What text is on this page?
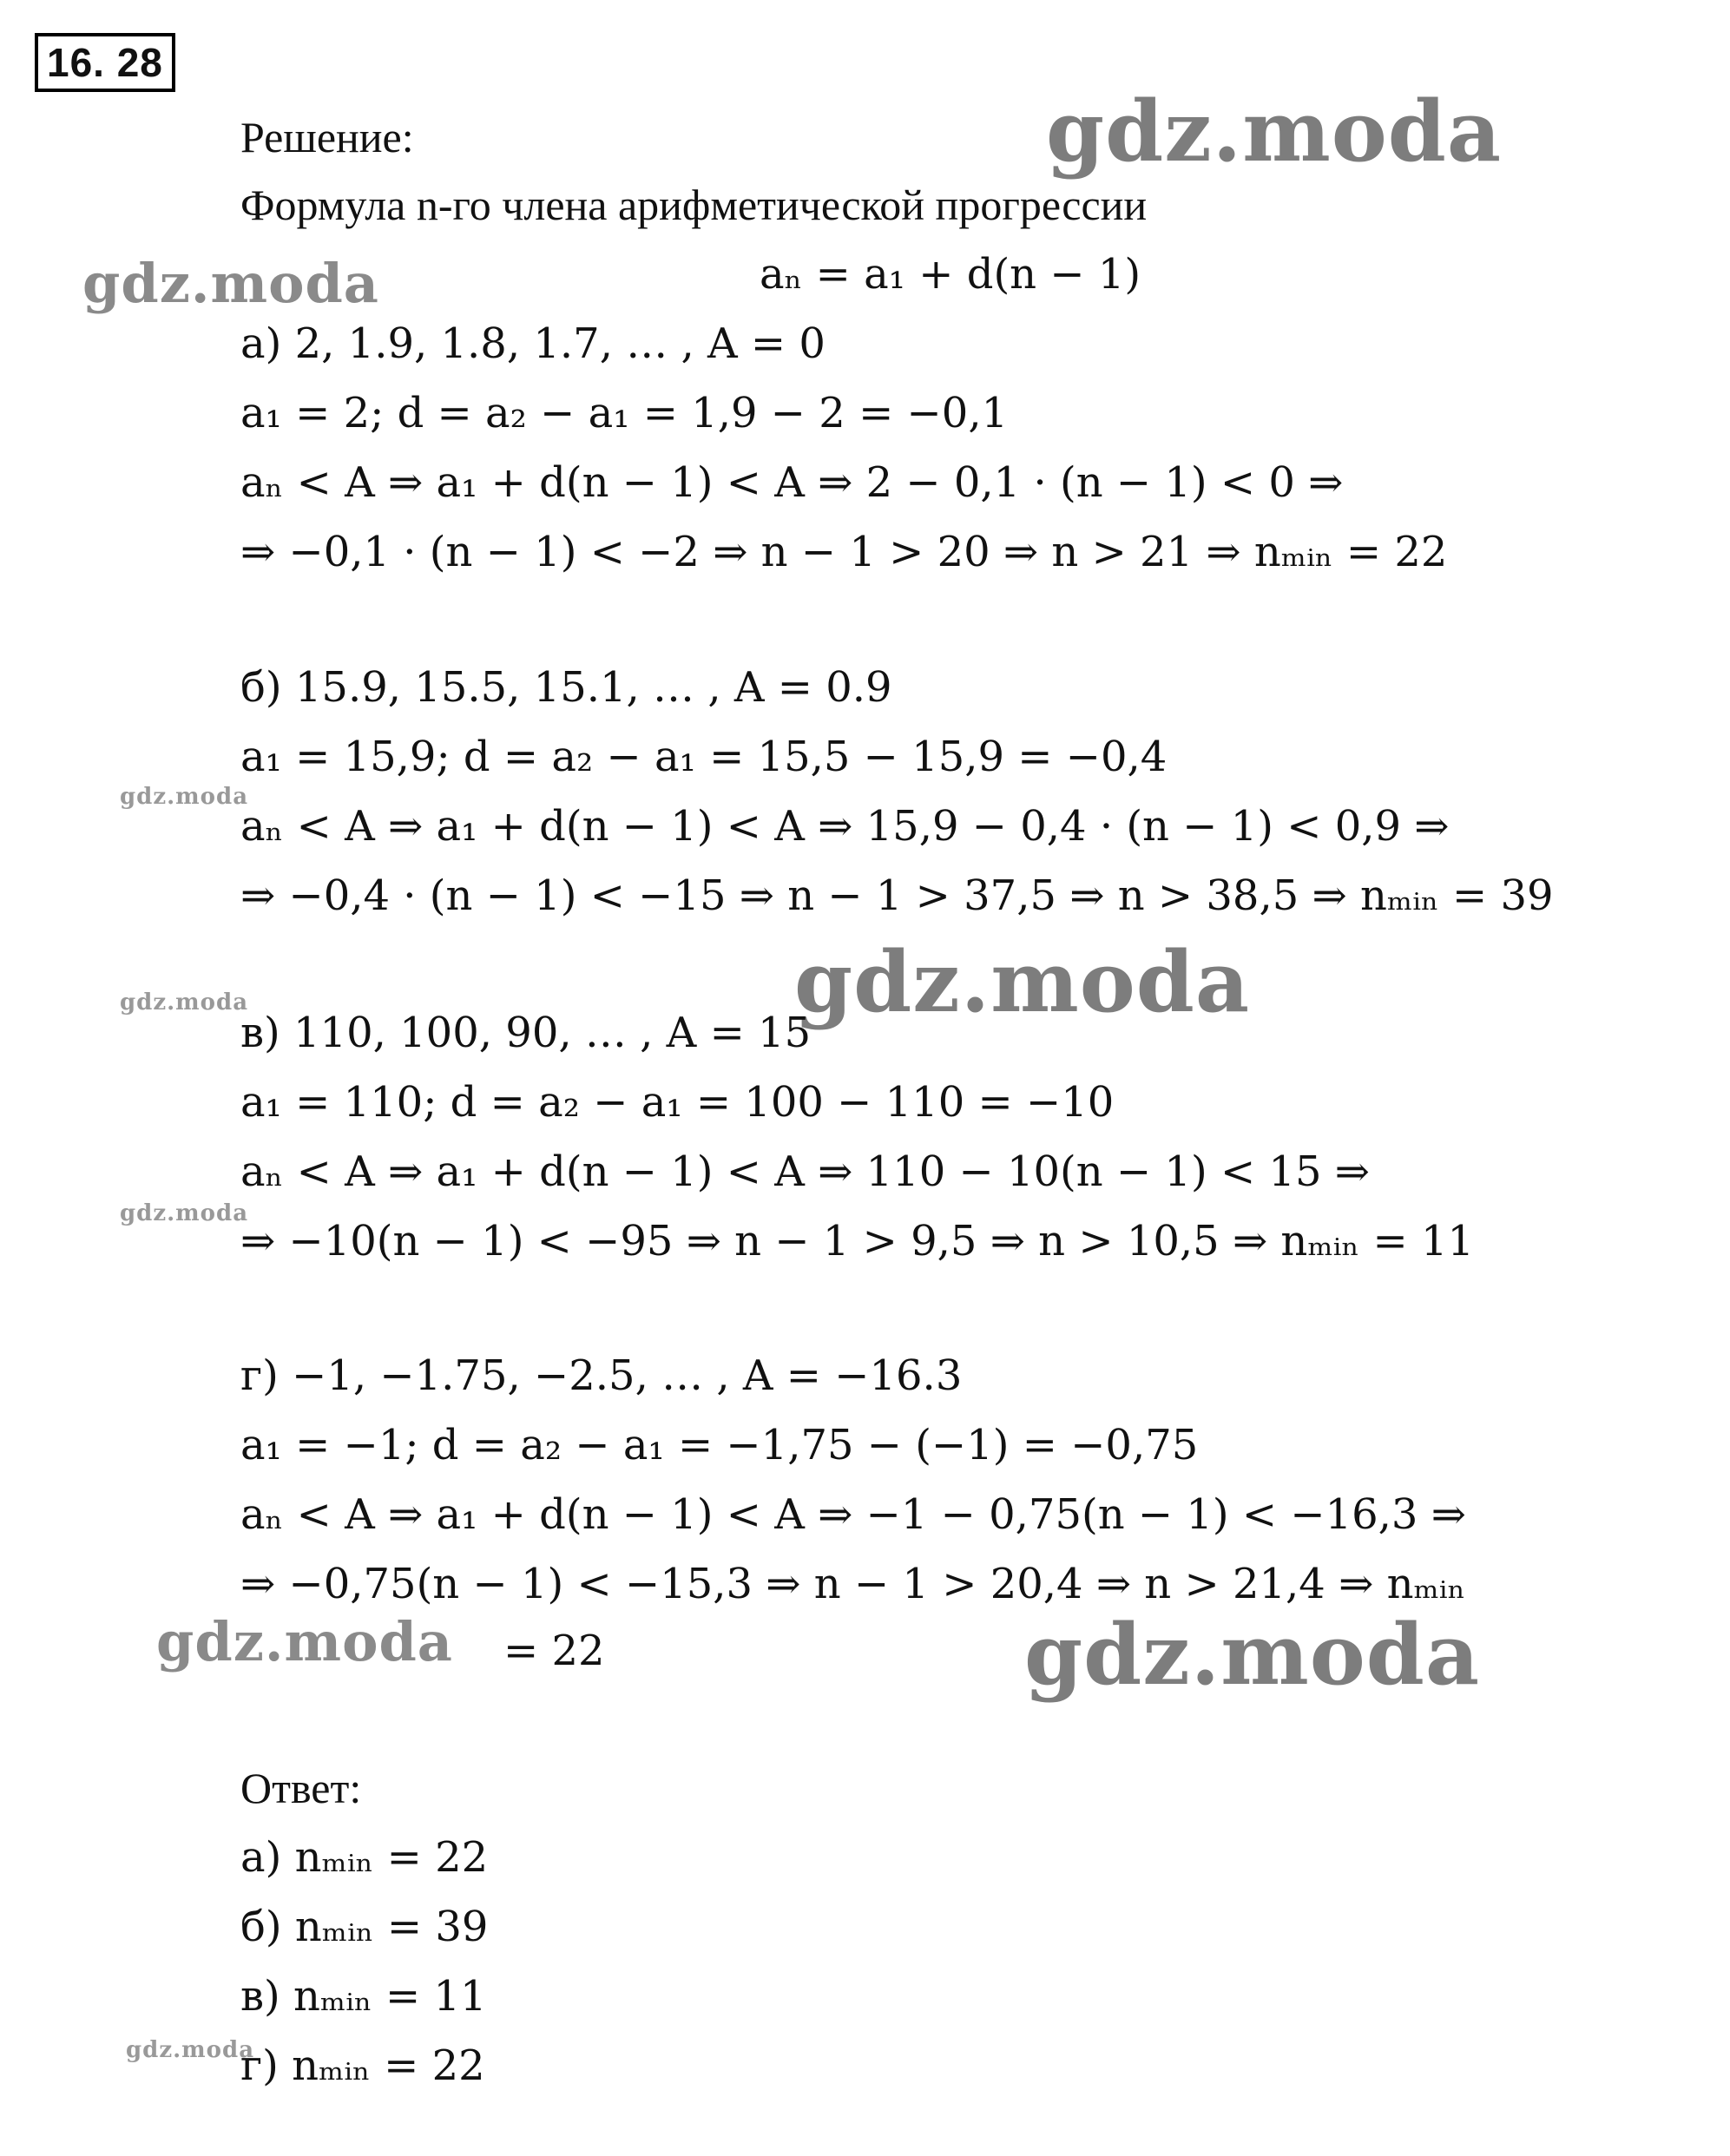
16. 28
gdz.moda
gdz.moda
gdz.moda
gdz.moda
gdz.moda
gdz.moda
gdz.moda	gdz.moda
gdz.moda
Решение:
Формула n-го члена арифметической прогрессии
aₙ = a₁ + d(n − 1)
а) 2, 1.9, 1.8, 1.7, … , A = 0
a₁ = 2; d = a₂ − a₁ = 1,9 − 2 = −0,1
aₙ < A ⇒ a₁ + d(n − 1) < A ⇒ 2 − 0,1 · (n − 1) < 0 ⇒
⇒ −0,1 · (n − 1) < −2 ⇒ n − 1 > 20 ⇒ n > 21 ⇒ nₘᵢₙ = 22
б) 15.9, 15.5, 15.1, … , A = 0.9
a₁ = 15,9; d = a₂ − a₁ = 15,5 − 15,9 = −0,4
aₙ < A ⇒ a₁ + d(n − 1) < A ⇒ 15,9 − 0,4 · (n − 1) < 0,9 ⇒
⇒ −0,4 · (n − 1) < −15 ⇒ n − 1 > 37,5 ⇒ n > 38,5 ⇒ nₘᵢₙ = 39
в) 110, 100, 90, … , A = 15
a₁ = 110; d = a₂ − a₁ = 100 − 110 = −10
aₙ < A ⇒ a₁ + d(n − 1) < A ⇒ 110 − 10(n − 1) < 15 ⇒
⇒ −10(n − 1) < −95 ⇒ n − 1 > 9,5 ⇒ n > 10,5 ⇒ nₘᵢₙ = 11
г) −1, −1.75, −2.5, … , A = −16.3
a₁ = −1; d = a₂ − a₁ = −1,75 − (−1) = −0,75
aₙ < A ⇒ a₁ + d(n − 1) < A ⇒ −1 − 0,75(n − 1) < −16,3 ⇒
⇒ −0,75(n − 1) < −15,3 ⇒ n − 1 > 20,4 ⇒ n > 21,4 ⇒ nₘᵢₙ
= 22
Ответ:
а) nₘᵢₙ = 22
б) nₘᵢₙ = 39
в) nₘᵢₙ = 11
г) nₘᵢₙ = 22
